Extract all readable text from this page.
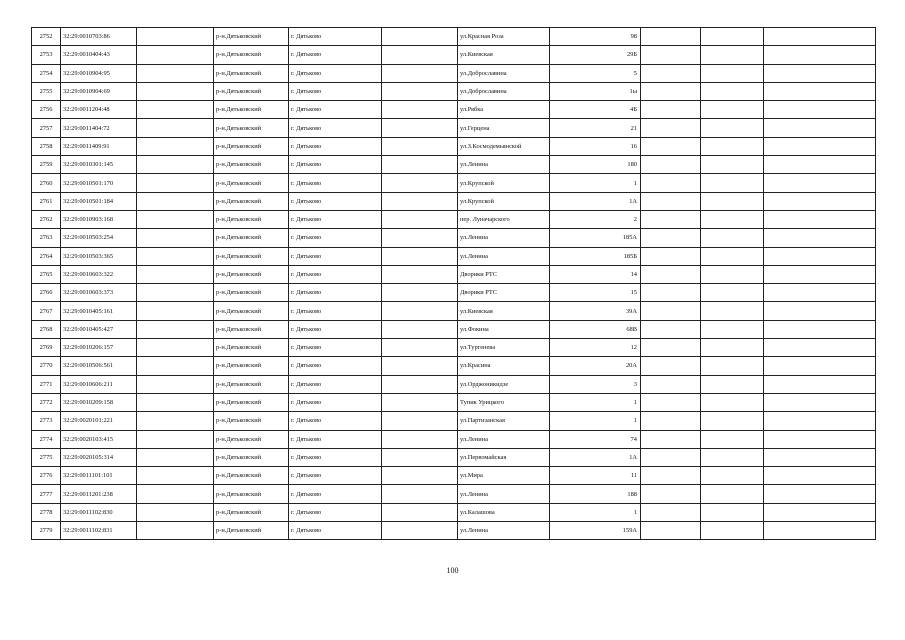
2752	32:29:0010703:86		р-н.Дятьковский	г. Дятьково		ул.Красная Роза	98			
2753	32:29:0010404:43		р-н.Дятьковский	г. Дятьково		ул.Киевская	29Б			
2754	32:29:0010904:95		р-н.Дятьковский	г. Дятьково		ул.Доброславина	5			
2755	32:29:0010904:69		р-н.Дятьковский	г. Дятьково		ул.Доброславина	1ы			
2756	32:29:0011204:48		р-н.Дятьковский	г. Дятьково		ул.Рябка	4Б			
2757	32:29:0011404:72		р-н.Дятьковский	г. Дятьково		ул.Герцена	21			
2758	32:29:0011409:91		р-н.Дятьковский	г. Дятьково		ул.З.Космодемьянской	16			
2759	32:29:0010301:145		р-н.Дятьковский	г. Дятьково		ул.Ленина	180			
2760	32:29:0010501:170		р-н.Дятьковский	г. Дятьково		ул.Крупской	1			
2761	32:29:0010501:184		р-н.Дятьковский	г. Дятьково		ул.Крупской	1А			
2762	32:29:0010903:168		р-н.Дятьковский	г. Дятьково		пер. Луначарского	2			
2763	32:29:0010503:254		р-н.Дятьковский	г. Дятьково		ул.Ленина	185А			
2764	32:29:0010503:365		р-н.Дятьковский	г. Дятьково		ул.Ленина	185Б			
2765	32:29:0010603:322		р-н.Дятьковский	г. Дятьково		Дворики РТС	14			
2766	32:29:0010603:373		р-н.Дятьковский	г. Дятьково		Дворики РТС	15			
2767	32:29:0010405:161		р-н.Дятьковский	г. Дятьково		ул.Киевская	39А			
2768	32:29:0010405:427		р-н.Дятьковский	г. Дятьково		ул.Фокина	68В			
2769	32:29:0010206:157		р-н.Дятьковский	г. Дятьково		ул.Тургенева	12			
2770	32:29:0010506:561		р-н.Дятьковский	г. Дятьково		ул.Красина	20А			
2771	32:29:0010606:211		р-н.Дятьковский	г. Дятьково		ул.Орджоникидзе	3			
2772	32:29:0010209:158		р-н.Дятьковский	г. Дятьково		Тупик Урицкого	1			
2773	32:29:0020101:221		р-н.Дятьковский	г. Дятьково		ул.Партизанская	1			
2774	32:29:0020103:415		р-н.Дятьковский	г. Дятьково		ул.Ленина	74			
2775	32:29:0020105:314		р-н.Дятьковский	г. Дятьково		ул.Первомайская	1А			
2776	32:29:0011101:101		р-н.Дятьковский	г. Дятьково		ул.Мира	11			
2777	32:29:0011201:238		р-н.Дятьковский	г. Дятьково		ул.Ленина	188			
2778	32:29:0011102:830		р-н.Дятьковский	г. Дятьково		ул.Калашова	1			
2779	32:29:0011102:831		р-н.Дятьковский	г. Дятьково		ул.Ленина	159А			
100
